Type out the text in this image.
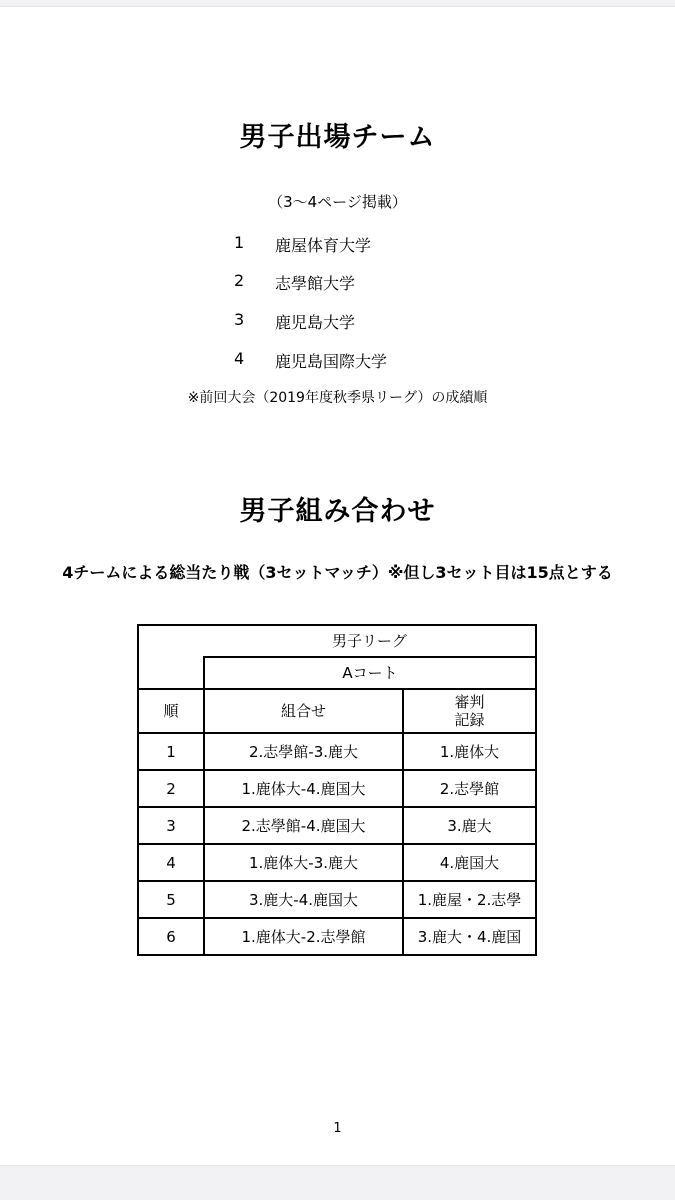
男子出場チーム
（3～4ページ掲載）
1 鹿屋体育大学
2 志學館大学
3 鹿児島大学
4 鹿児島国際大学
※前回大会（2019年度秋季県リーグ）の成績順
男子組み合わせ
4チームによる総当たり戦（3セットマッチ）※但し3セット目は15点とする
	男子リーグ	
	Aコート	
順	組合せ	審判
記録

1	2.志學館-3.鹿大	1.鹿体大
2	1.鹿体大-4.鹿国大	2.志學館
3	2.志學館-4.鹿国大	3.鹿大
4	1.鹿体大-3.鹿大	4.鹿国大
5	3.鹿大-4.鹿国大	1.鹿屋・2.志學
6	1.鹿体大-2.志學館	3.鹿大・4.鹿国
1
